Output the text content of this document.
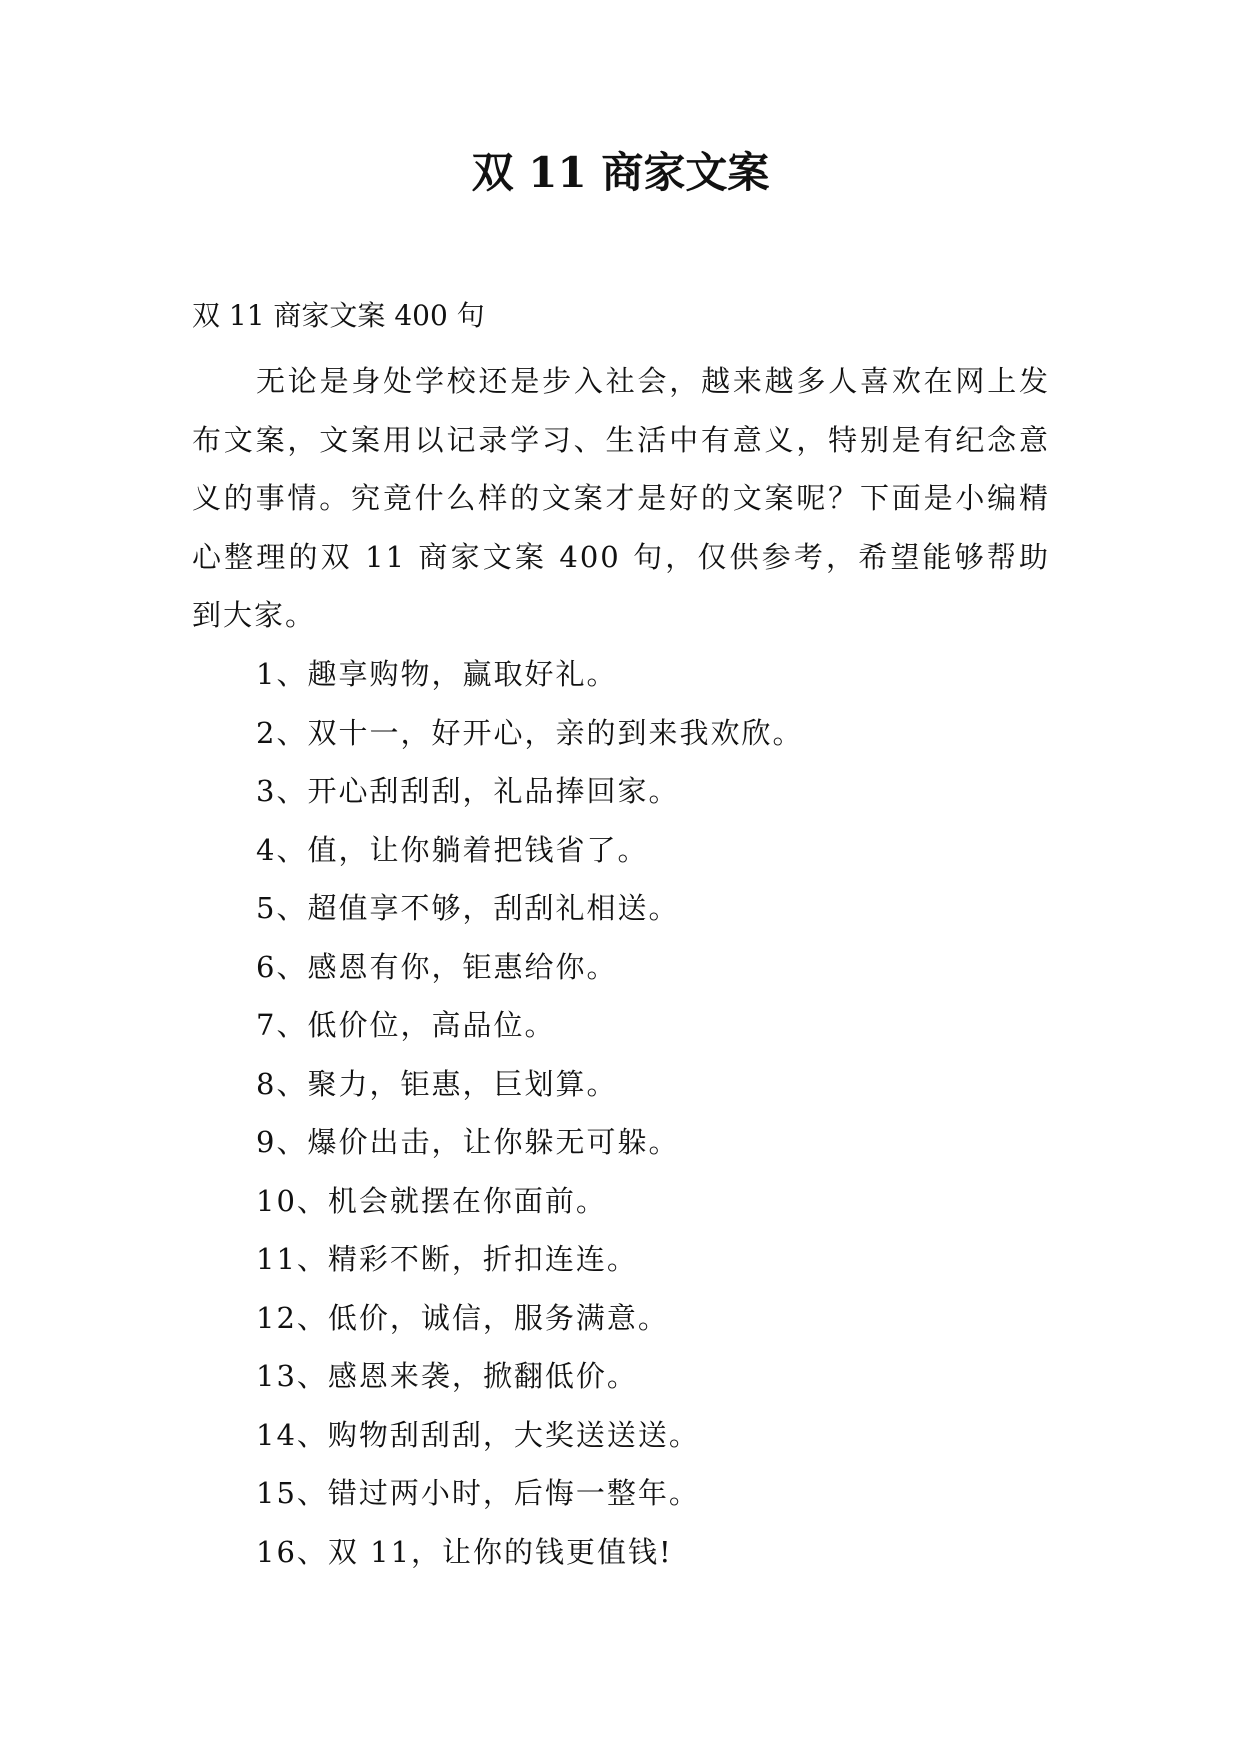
双 11 商家文案
双 11 商家文案 400 句

无论是身处学校还是步入社会，越来越多人喜欢在网上发布文案，文案用以记录学习、生活中有意义，特别是有纪念意义的事情。究竟什么样的文案才是好的文案呢？下面是小编精心整理的双 11 商家文案 400 句，仅供参考，希望能够帮助到大家。

1、趣享购物，赢取好礼。
2、双十一，好开心，亲的到来我欢欣。
3、开心刮刮刮，礼品捧回家。
4、值，让你躺着把钱省了。
5、超值享不够，刮刮礼相送。
6、感恩有你，钜惠给你。
7、低价位，高品位。
8、聚力，钜惠，巨划算。
9、爆价出击，让你躲无可躲。
10、机会就摆在你面前。
11、精彩不断，折扣连连。
12、低价，诚信，服务满意。
13、感恩来袭，掀翻低价。
14、购物刮刮刮，大奖送送送。
15、错过两小时，后悔一整年。
16、双 11，让你的钱更值钱!
